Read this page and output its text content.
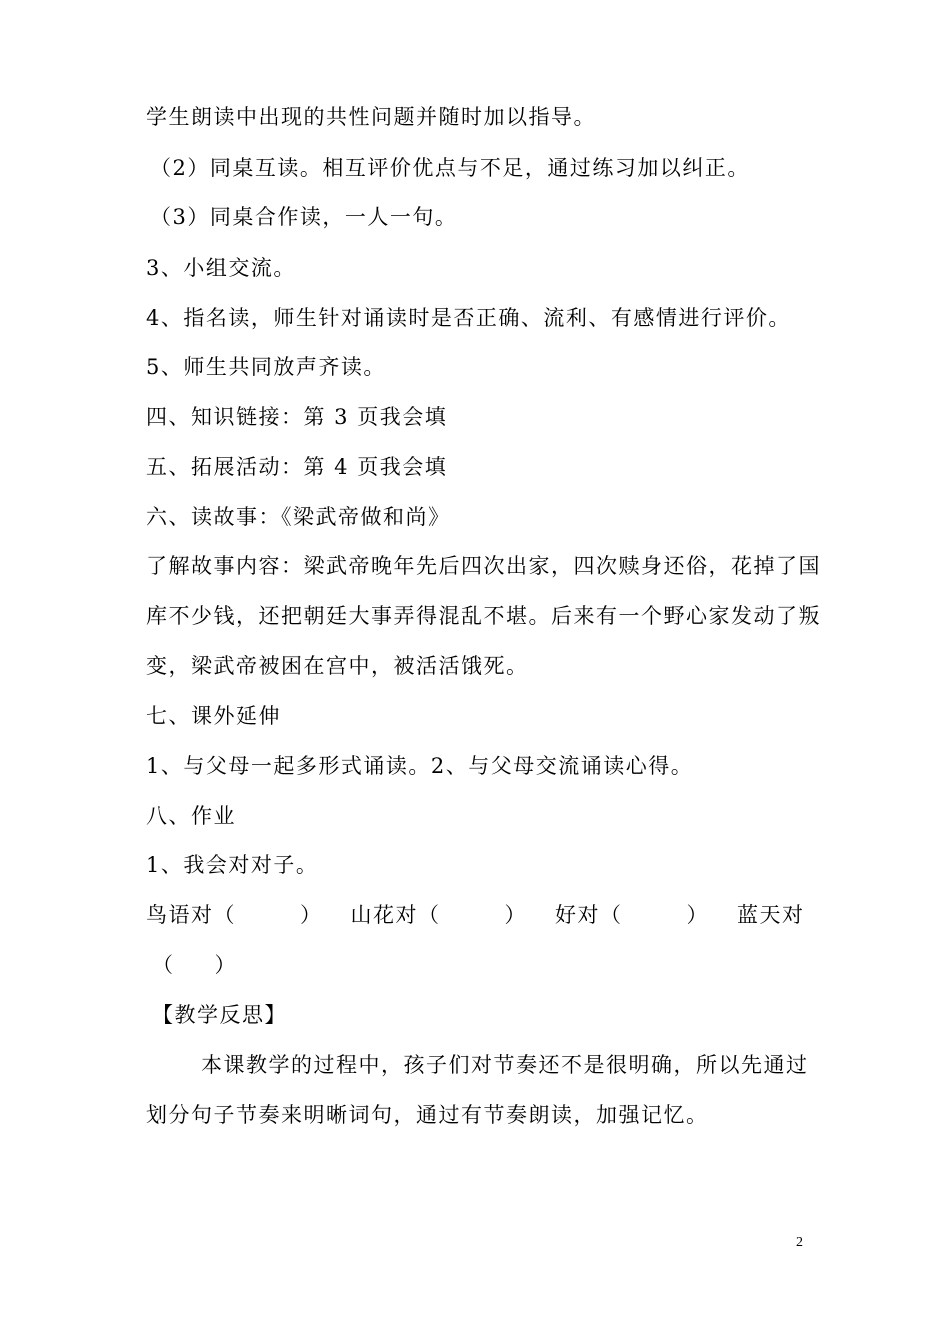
学生朗读中出现的共性问题并随时加以指导。
（2）同桌互读。相互评价优点与不足，通过练习加以纠正。
（3）同桌合作读，一人一句。
3、小组交流。
4、指名读，师生针对诵读时是否正确、流利、有感情进行评价。
5、师生共同放声齐读。
四、知识链接：第 3 页我会填
五、拓展活动：第 4 页我会填
六、读故事：《梁武帝做和尚》
了解故事内容：梁武帝晚年先后四次出家，四次赎身还俗，花掉了国
库不少钱，还把朝廷大事弄得混乱不堪。后来有一个野心家发动了叛
变，梁武帝被困在宫中，被活活饿死。
七、课外延伸
1、与父母一起多形式诵读。2、与父母交流诵读心得。
八、作业
1、我会对对子。
鸟语对（	） 山花对（	） 好对（	） 蓝天对
（ ）
【教学反思】
本课教学的过程中，孩子们对节奏还不是很明确，所以先通过
划分句子节奏来明晰词句，通过有节奏朗读，加强记忆。
2
